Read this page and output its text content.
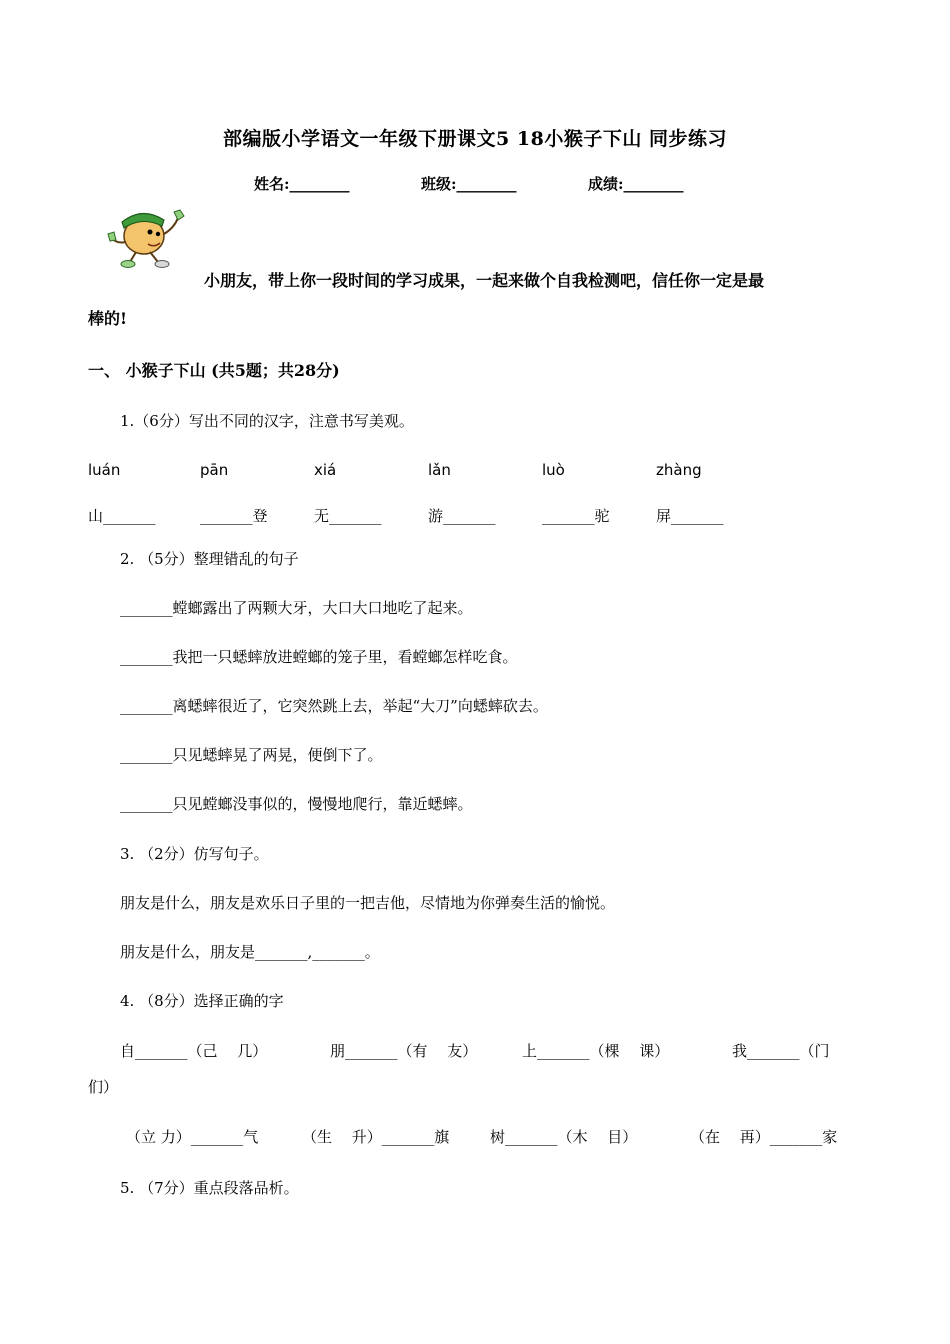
部编版小学语文一年级下册课文5 18小猴子下山 同步练习
姓名:________	班级:________	成绩:________
小朋友，带上你一段时间的学习成果，一起来做个自我检测吧，信任你一定是最
棒的!
一、 小猴子下山 (共5题；共28分)
1.（6分）写出不同的汉字，注意书写美观。
luán	pān	xiá	lǎn	luò	zhàng
山_______	_______登	无_______	游_______	_______驼	屏_______
2. （5分）整理错乱的句子
_______螳螂露出了两颗大牙，大口大口地吃了起来。
_______我把一只蟋蟀放进螳螂的笼子里，看螳螂怎样吃食。
_______离蟋蟀很近了，它突然跳上去，举起“大刀”向蟋蟀砍去。
_______只见蟋蟀晃了两晃，便倒下了。
_______只见螳螂没事似的，慢慢地爬行，靠近蟋蟀。
3. （2分）仿写句子。
朋友是什么，朋友是欢乐日子里的一把吉他，尽情地为你弹奏生活的愉悦。
朋友是什么，朋友是_______,_______。
4. （8分）选择正确的字
自_______（己　 几）	朋_______（有　 友）	上_______（棵　 课）	我_______（门
们）
（立 力）_______气	（生　 升）_______旗	树_______（木　 目）	（在　 再）_______家
5. （7分）重点段落品析。
